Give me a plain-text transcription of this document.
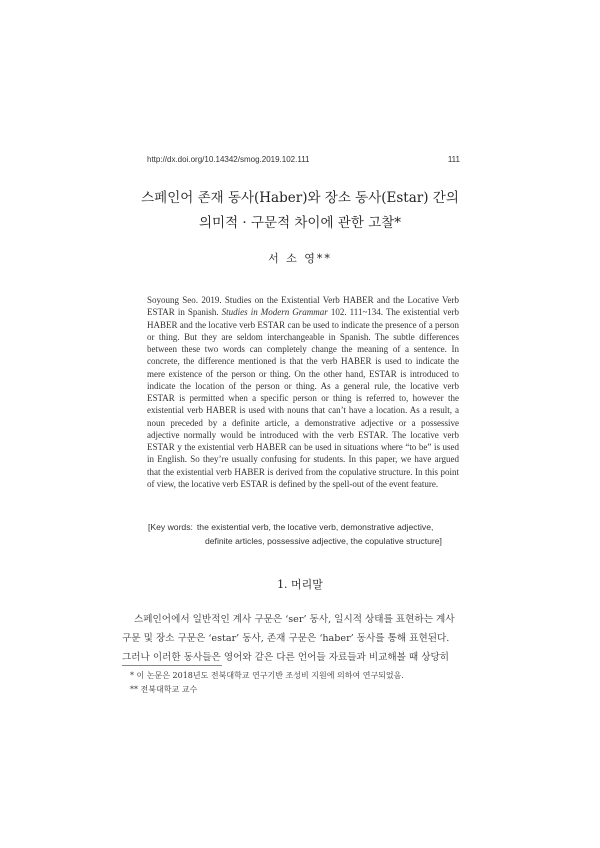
http://dx.doi.org/10.14342/smog.2019.102.111	111
스페인어 존재 동사(Haber)와 장소 동사(Estar) 간의
의미적 · 구문적 차이에 관한 고찰*
서 소 영**

Soyoung Seo. 2019. Studies on the Existential Verb HABER and the Locative Verb ESTAR in Spanish. Studies in Modern Grammar 102. 111~134. The existential verb HABER and the locative verb ESTAR can be used to indicate the presence of a person or thing. But they are seldom interchangeable in Spanish. The subtle differences between these two words can completely change the meaning of a sentence. In concrete, the difference mentioned is that the verb HABER is used to indicate the mere existence of the person or thing. On the other hand, ESTAR is introduced to indicate the location of the person or thing. As a general rule, the locative verb ESTAR is permitted when a specific person or thing is referred to, however the existential verb HABER is used with nouns that can’t have a location. As a result, a noun preceded by a definite article, a demonstrative adjective or a possessive adjective normally would be introduced with the verb ESTAR. The locative verb ESTAR y the existential verb HABER can be used in situations where “to be” is used in English. So they’re usually confusing for students. In this paper, we have argued that the existential verb HABER is derived from the copulative structure. In this point of view, the locative verb ESTAR is defined by the spell-out of the event feature.

[Key words: the existential verb, the locative verb, demonstrative adjective,
definite articles, possessive adjective, the copulative structure]
1. 머리말
스페인어에서 일반적인 계사 구문은 ‘ser’ 동사, 일시적 상태를 표현하는 계사
구문 및 장소 구문은 ‘estar’ 동사, 존재 구문은 ‘haber’ 동사를 통해 표현된다.
그러나 이러한 동사들은 영어와 같은 다른 언어들 자료들과 비교해볼 때 상당히
* 이 논문은 2018년도 전북대학교 연구기반 조성비 지원에 의하여 연구되었음.
** 전북대학교 교수
